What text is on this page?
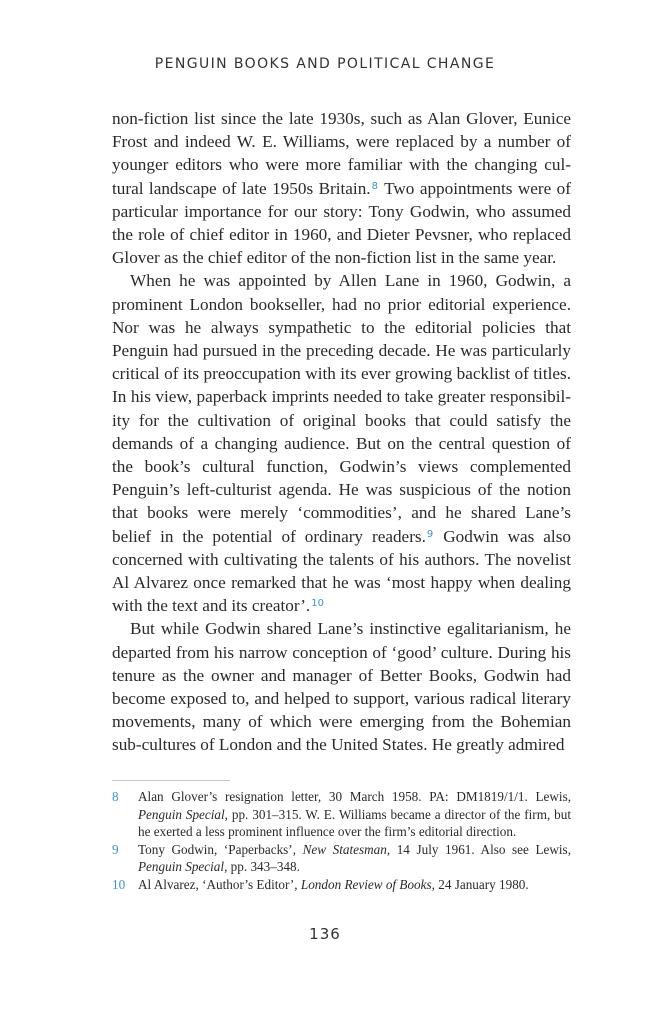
PENGUIN BOOKS AND POLITICAL CHANGE

non-fiction list since the late 1930s, such as Alan Glover, Eunice Frost and indeed W. E. Williams, were replaced by a number of younger editors who were more familiar with the changing cultural landscape of late 1950s Britain.$^8$ Two appointments were of particular importance for our story: Tony Godwin, who assumed the role of chief editor in 1960, and Dieter Pevsner, who replaced Glover as the chief editor of the non-fiction list in the same year.

When he was appointed by Allen Lane in 1960, Godwin, a prominent London bookseller, had no prior editorial experience. Nor was he always sympathetic to the editorial policies that Penguin had pursued in the preceding decade. He was particularly critical of its preoccupation with its ever growing backlist of titles. In his view, paperback imprints needed to take greater responsibility for the cultivation of original books that could satisfy the demands of a changing audience. But on the central question of the book’s cultural function, Godwin’s views complemented Penguin’s left-culturist agenda. He was suspicious of the notion that books were merely ‘commodities’, and he shared Lane’s belief in the potential of ordinary readers.$^9$ Godwin was also concerned with cultivating the talents of his authors. The novelist Al Alvarez once remarked that he was ‘most happy when dealing with the text and its creator’.$^{10}$

But while Godwin shared Lane’s instinctive egalitarianism, he departed from his narrow conception of ‘good’ culture. During his tenure as the owner and manager of Better Books, Godwin had become exposed to, and helped to support, various radical literary movements, many of which were emerging from the Bohemian sub-cultures of London and the United States. He greatly admired

8 Alan Glover’s resignation letter, 30 March 1958. PA: DM1819/1/1. Lewis, Penguin Special, pp. 301–315. W. E. Williams became a director of the firm, but he exerted a less prominent influence over the firm’s editorial direction.
9 Tony Godwin, ‘Paperbacks’, New Statesman, 14 July 1961. Also see Lewis, Penguin Special, pp. 343–348.
10 Al Alvarez, ‘Author’s Editor’, London Review of Books, 24 January 1980.
136
